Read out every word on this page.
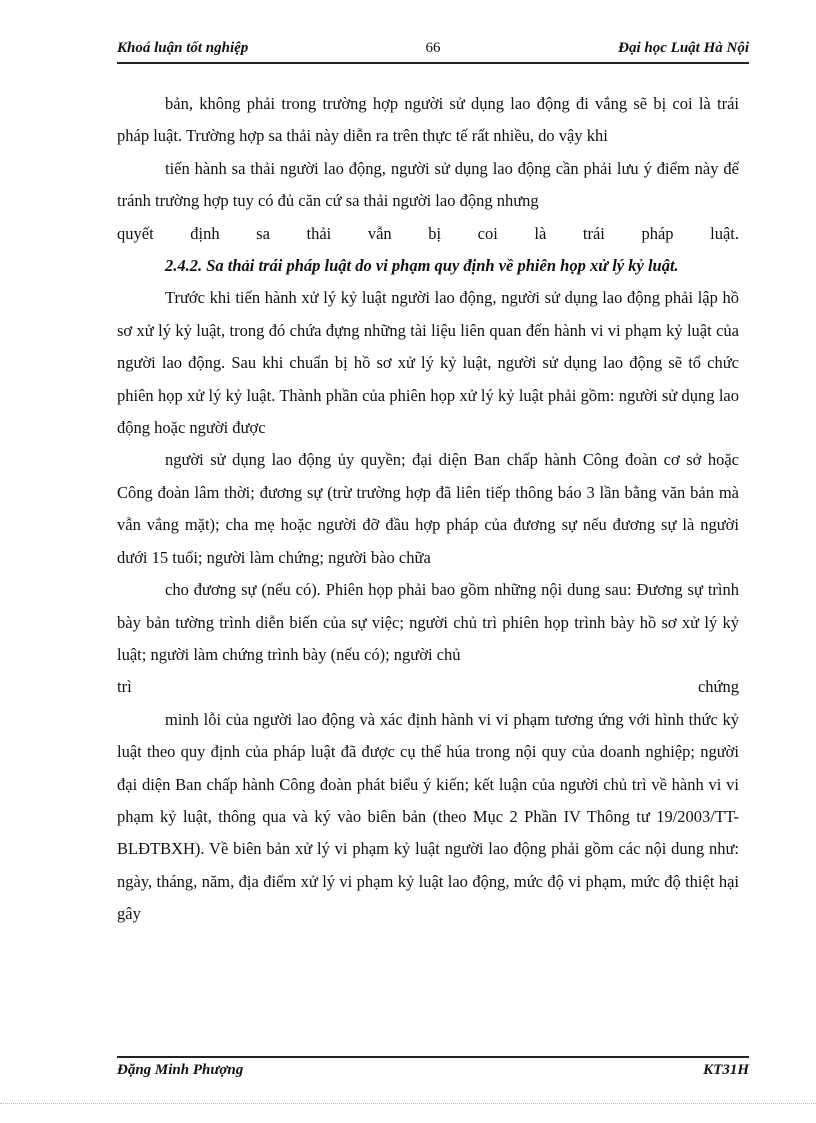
Khoá luận tốt nghiệp	66	Đại học Luật Hà Nội

bản, không phải trong trường hợp người sử dụng lao động đi vắng sẽ bị coi là trái pháp luật. Trường hợp sa thải này diễn ra trên thực tế rất nhiều, do vậy khi

tiến hành sa thải người lao động, người sử dụng lao động cần phải lưu ý điểm này để tránh trường hợp tuy có đủ căn cứ sa thải người lao động nhưng

quyết định sa thải vẫn bị coi là trái pháp luật.

2.4.2. Sa thải trái pháp luật do vi phạm quy định về phiên họp xử lý kỷ luật.

Trước khi tiến hành xử lý kỷ luật người lao động, người sử dụng lao động phải lập hồ sơ xử lý kỷ luật, trong đó chứa đựng những tài liệu liên quan đến hành vi vi phạm kỷ luật của người lao động. Sau khi chuẩn bị hồ sơ xử lý kỷ luật, người sử dụng lao động sẽ tổ chức phiên họp xử lý kỷ luật. Thành phần của phiên họp xử lý kỷ luật phải gồm: người sử dụng lao động hoặc người được

người sử dụng lao động ủy quyền; đại diện Ban chấp hành Công đoàn cơ sở hoặc Công đoàn lâm thời; đương sự (trừ trường hợp đã liên tiếp thông báo 3 lần bằng văn bản mà vẫn vắng mặt); cha mẹ hoặc người đỡ đầu hợp pháp của đương sự nếu đương sự là người dưới 15 tuổi; người làm chứng; người bào chữa

cho đương sự (nếu có). Phiên họp phải bao gồm những nội dung sau: Đương sự trình bày bản tường trình diễn biến của sự việc; người chủ trì phiên họp trình bày hồ sơ xử lý kỷ luật; người làm chứng trình bày (nếu có); người chủ

trì chứng

minh lỗi của người lao động và xác định hành vi vi phạm tương ứng với hình thức kỷ luật theo quy định của pháp luật đã được cụ thể húa trong nội quy của doanh nghiệp; người đại diện Ban chấp hành Công đoàn phát biểu ý kiến; kết luận của người chủ trì về hành vi vi phạm kỷ luật, thông qua và ký vào biên bản (theo Mục 2 Phần IV Thông tư 19/2003/TT-BLĐTBXH). Về biên bản xử lý vi phạm kỷ luật người lao động phải gồm các nội dung như: ngày, tháng, năm, địa điểm xử lý vi phạm kỷ luật lao động, mức độ vi phạm, mức độ thiệt hại gây

Đặng Minh Phượng	KT31H
